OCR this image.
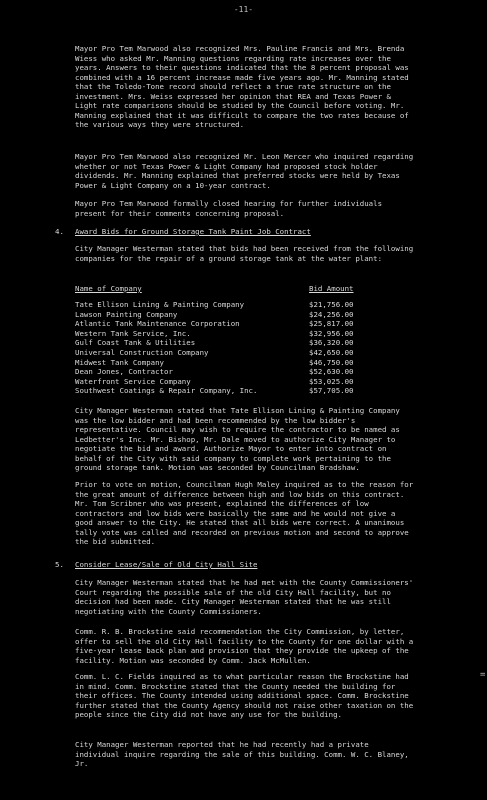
-11-
Mayor Pro Tem Marwood also recognized Mrs. Pauline Francis and Mrs. Brenda Wiess who asked Mr. Manning questions regarding rate increases over the years. Answers to their questions indicated that the 8 percent proposal was combined with a 16 percent increase made five years ago. Mr. Manning stated that the Toledo-Tone record should reflect a true rate structure on the investment. Mrs. Weiss expressed her opinion that REA and Texas Power & Light rate comparisons should be studied by the Council before voting. Mr. Manning explained that it was difficult to compare the two rates because of the various ways they were structured.
Mayor Pro Tem Marwood also recognized Mr. Leon Mercer who inquired regarding whether or not Texas Power & Light Company had proposed stock holder dividends. Mr. Manning explained that preferred stocks were held by Texas Power & Light Company on a 10-year contract.
Mayor Pro Tem Marwood formally closed hearing for further individuals present for their comments concerning proposal.
4. Award Bids for Ground Storage Tank Paint Job Contract
City Manager Westerman stated that bids had been received from the following companies for the repair of a ground storage tank at the water plant:
Name of Company	Bid Amount
Tate Ellison Lining & Painting Company	$21,756.00
Lawson Painting Company	$24,256.00
Atlantic Tank Maintenance Corporation	$25,817.00
Western Tank Service, Inc.	$32,956.00
Gulf Coast Tank & Utilities	$36,320.00
Universal Construction Company	$42,650.00
Midwest Tank Company	$46,750.00
Dean Jones, Contractor	$52,630.00
Waterfront Service Company	$53,025.00
Southwest Coatings & Repair Company, Inc.	$57,705.00
City Manager Westerman stated that Tate Ellison Lining & Painting Company was the low bidder and had been recommended by the low bidder's representative. Council may wish to require the contractor to be named as Ledbetter's Inc. Mr. Bishop, Mr. Dale moved to authorize City Manager to negotiate the bid and award. Authorize Mayor to enter into contract on behalf of the City with said company to complete work pertaining to the ground storage tank. Motion was seconded by Councilman Bradshaw.
Prior to vote on motion, Councilman Hugh Maley inquired as to the reason for the great amount of difference between high and low bids on this contract. Mr. Tom Scribner who was present, explained the differences of low contractors and low bids were basically the same and he would not give a good answer to the City. He stated that all bids were correct. A unanimous tally vote was called and recorded on previous motion and second to approve the bid submitted.
5. Consider Lease/Sale of Old City Hall Site
City Manager Westerman stated that he had met with the County Commissioners' Court regarding the possible sale of the old City Hall facility, but no decision had been made. City Manager Westerman stated that he was still negotiating with the County Commissioners.
Comm. R. B. Brockstine said recommendation the City Commission, by letter, offer to sell the old City Hall facility to the County for one dollar with a five-year lease back plan and provision that they provide the upkeep of the facility. Motion was seconded by Comm. Jack McMullen.
Comm. L. C. Fields inquired as to what particular reason the Brockstine had in mind. Comm. Brockstine stated that the County needed the building for their offices. The County intended using additional space. Comm. Brockstine further stated that the County Agency should not raise other taxation on the people since the City did not have any use for the building.
City Manager Westerman reported that he had recently had a private individual inquire regarding the sale of this building. Comm. W. C. Blaney, Jr.
=
